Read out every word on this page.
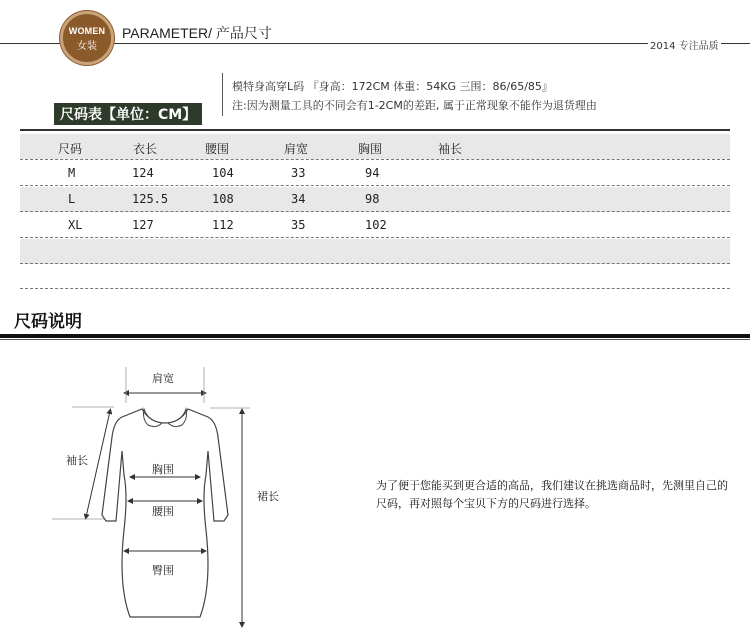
WOMEN
女装
PARAMETER/ 产品尺寸
2014 专注品质
模特身高穿L码 『身高：172CM 体重：54KG 三围：86/65/85』
注:因为测量工具的不同会有1-2CM的差距, 属于正常现象不能作为退货理由
尺码表【单位：CM】
尺码	衣长	腰围	肩宽	胸围	袖长
M	124	104	33	94
L	125.5	108	34	98
XL	127	112	35	102
尺码说明
肩宽
袖长
胸围
腰围
臀围
裙长
为了便于您能买到更合适的高品，我们建议在挑选商品时，先测里自己的尺码，再对照每个宝贝下方的尺码进行选择。
